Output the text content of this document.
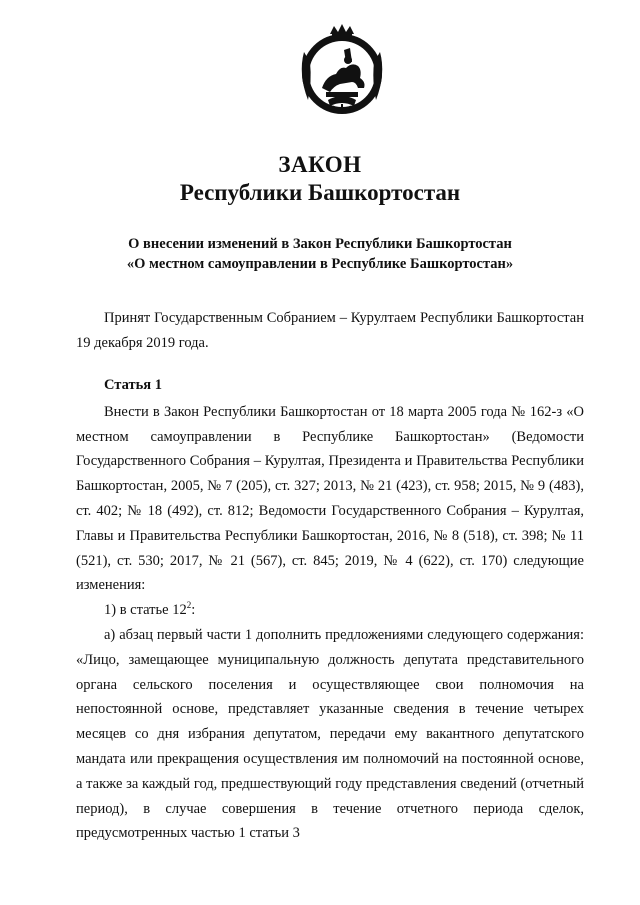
ЗАКОН
Республики Башкортостан
О внесении изменений в Закон Республики Башкортостан
«О местном самоуправлении в Республике Башкортостан»

Принят Государственным Собранием – Курултаем Республики Башкортостан 19 декабря 2019 года.

Статья 1

Внести в Закон Республики Башкортостан от 18 марта 2005 года № 162-з «О местном самоуправлении в Республике Башкортостан» (Ведомости Государственного Собрания – Курултая, Президента и Правительства Республики Башкортостан, 2005, № 7 (205), ст. 327; 2013, № 21 (423), ст. 958; 2015, № 9 (483), ст. 402; № 18 (492), ст. 812; Ведомости Государственного Собрания – Курултая, Главы и Правительства Республики Башкортостан, 2016, № 8 (518), ст. 398; № 11 (521), ст. 530; 2017, № 21 (567), ст. 845; 2019, № 4 (622), ст. 170) следующие изменения:

1) в статье $12^2$:

а) абзац первый части 1 дополнить предложениями следующего содержания: «Лицо, замещающее муниципальную должность депутата представительного органа сельского поселения и осуществляющее свои полномочия на непостоянной основе, представляет указанные сведения в течение четырех месяцев со дня избрания депутатом, передачи ему вакантного депутатского мандата или прекращения осуществления им полномочий на постоянной основе, а также за каждый год, предшествующий году представления сведений (отчетный период), в случае совершения в течение отчетного периода сделок, предусмотренных частью 1 статьи 3
